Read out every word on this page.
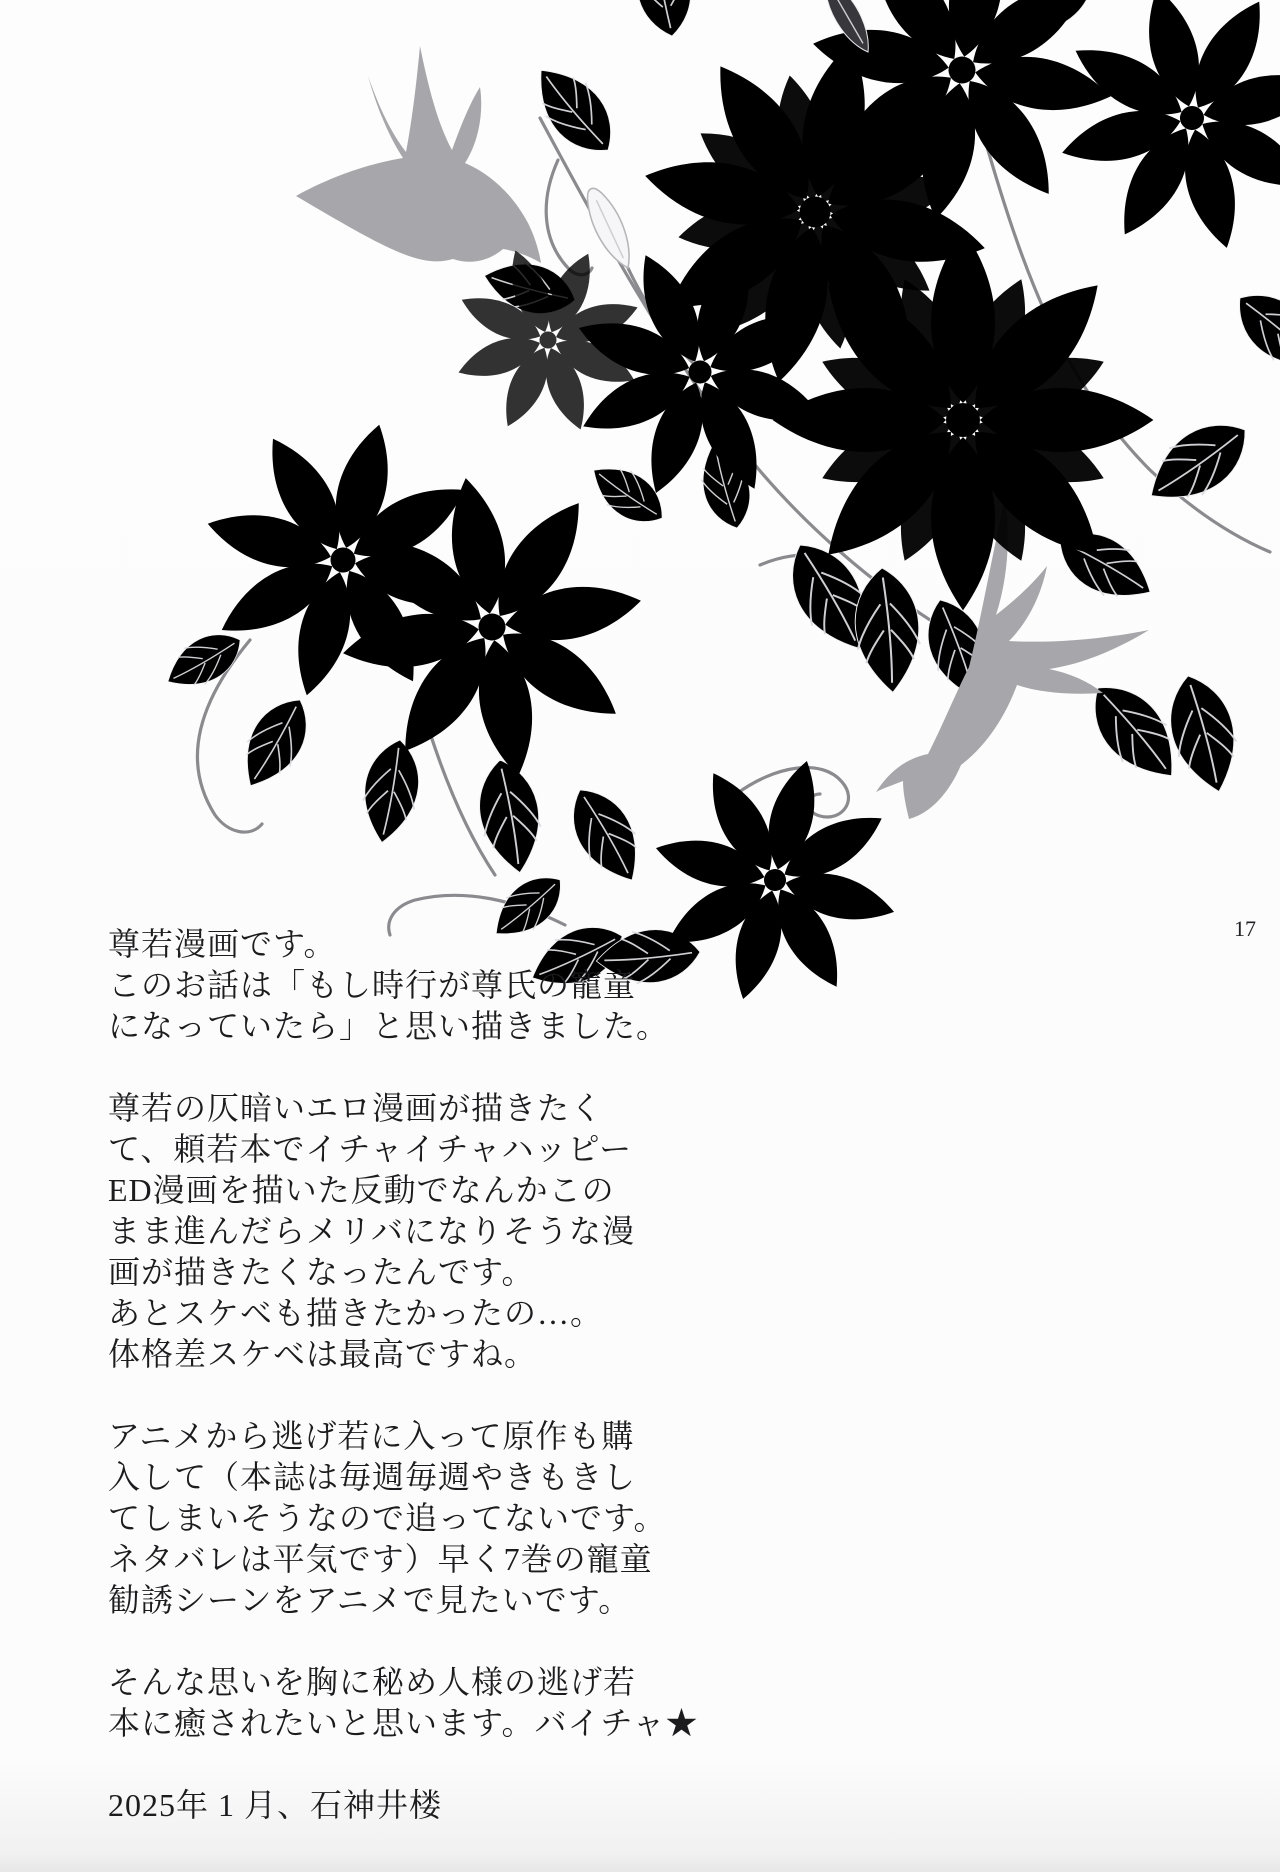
17
尊若漫画です。
このお話は「もし時行が尊氏の寵童
になっていたら」と思い描きました。
尊若の仄暗いエロ漫画が描きたく
て、頼若本でイチャイチャハッピー
ED漫画を描いた反動でなんかこの
まま進んだらメリバになりそうな漫
画が描きたくなったんです。
あとスケベも描きたかったの…。
体格差スケベは最高ですね。
アニメから逃げ若に入って原作も購
入して（本誌は毎週毎週やきもきし
てしまいそうなので追ってないです。
ネタバレは平気です）早く7巻の寵童
勧誘シーンをアニメで見たいです。
そんな思いを胸に秘め人様の逃げ若
本に癒されたいと思います。バイチャ★
2025年 1 月、石神井楼
